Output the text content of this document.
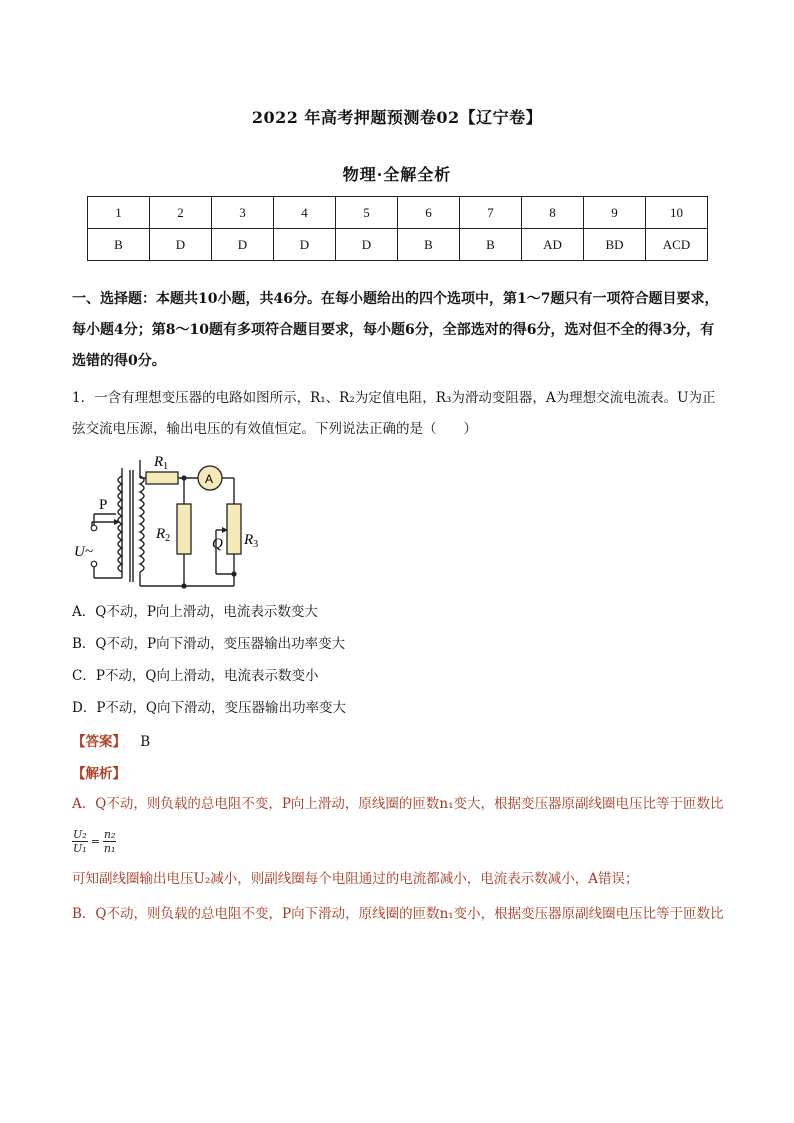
2022 年高考押题预测卷02【辽宁卷】
物理·全解全析
1	2	3	4	5	6	7	8	9	10
B	D	D	D	D	B	B	AD	BD	ACD
一、选择题：本题共10小题，共46分。在每小题给出的四个选项中，第1～7题只有一项符合题目要求，每小题4分；第8～10题有多项符合题目要求，每小题6分，全部选对的得6分，选对但不全的得3分，有选错的得0分。
1．一含有理想变压器的电路如图所示，R₁、R₂为定值电阻，R₃为滑动变阻器，A为理想交流电流表。U为正弦交流电压源，输出电压的有效值恒定。下列说法正确的是（　　）
$R_1$
$R_2$	$R_3$
A
P
Q
U~
A．Q不动，P向上滑动，电流表示数变大
B．Q不动，P向下滑动，变压器输出功率变大
C．P不动，Q向上滑动，电流表示数变小
D．P不动，Q向下滑动，变压器输出功率变大
【答案】 B
【解析】
A．Q不动，则负载的总电阻不变，P向上滑动，原线圈的匝数n₁变大，根据变压器原副线圈电压比等于匝数比
$\frac{\text{U₂}}{\text{U₁}} = \frac{\text{n₂}}{\text{n₁}}$
可知副线圈输出电压U₂减小，则副线圈每个电阻通过的电流都减小，电流表示数减小，A错误；
B．Q不动，则负载的总电阻不变，P向下滑动，原线圈的匝数n₁变小，根据变压器原副线圈电压比等于匝数比
